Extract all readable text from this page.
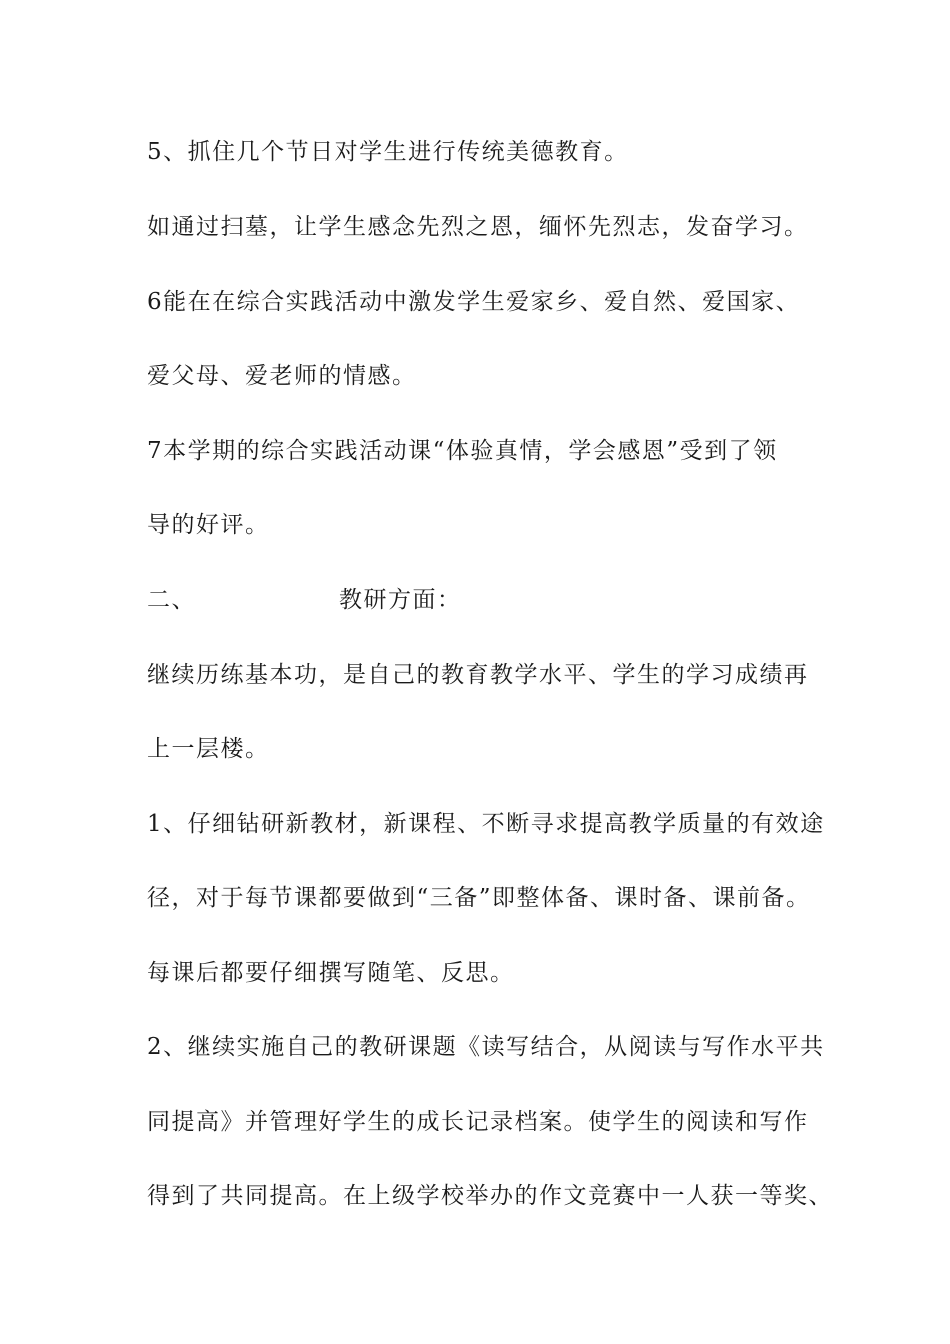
5、抓住几个节日对学生进行传统美德教育。

如通过扫墓，让学生感念先烈之恩，缅怀先烈志，发奋学习。

6能在在综合实践活动中激发学生爱家乡、爱自然、爱国家、

爱父母、爱老师的情感。

7本学期的综合实践活动课“体验真情，学会感恩”受到了领

导的好评。

二、	教研方面：

继续历练基本功，是自己的教育教学水平、学生的学习成绩再

上一层楼。

1、仔细钻研新教材，新课程、不断寻求提高教学质量的有效途

径，对于每节课都要做到“三备”即整体备、课时备、课前备。

每课后都要仔细撰写随笔、反思。

2、继续实施自己的教研课题《读写结合，从阅读与写作水平共

同提高》并管理好学生的成长记录档案。使学生的阅读和写作

得到了共同提高。在上级学校举办的作文竞赛中一人获一等奖、
